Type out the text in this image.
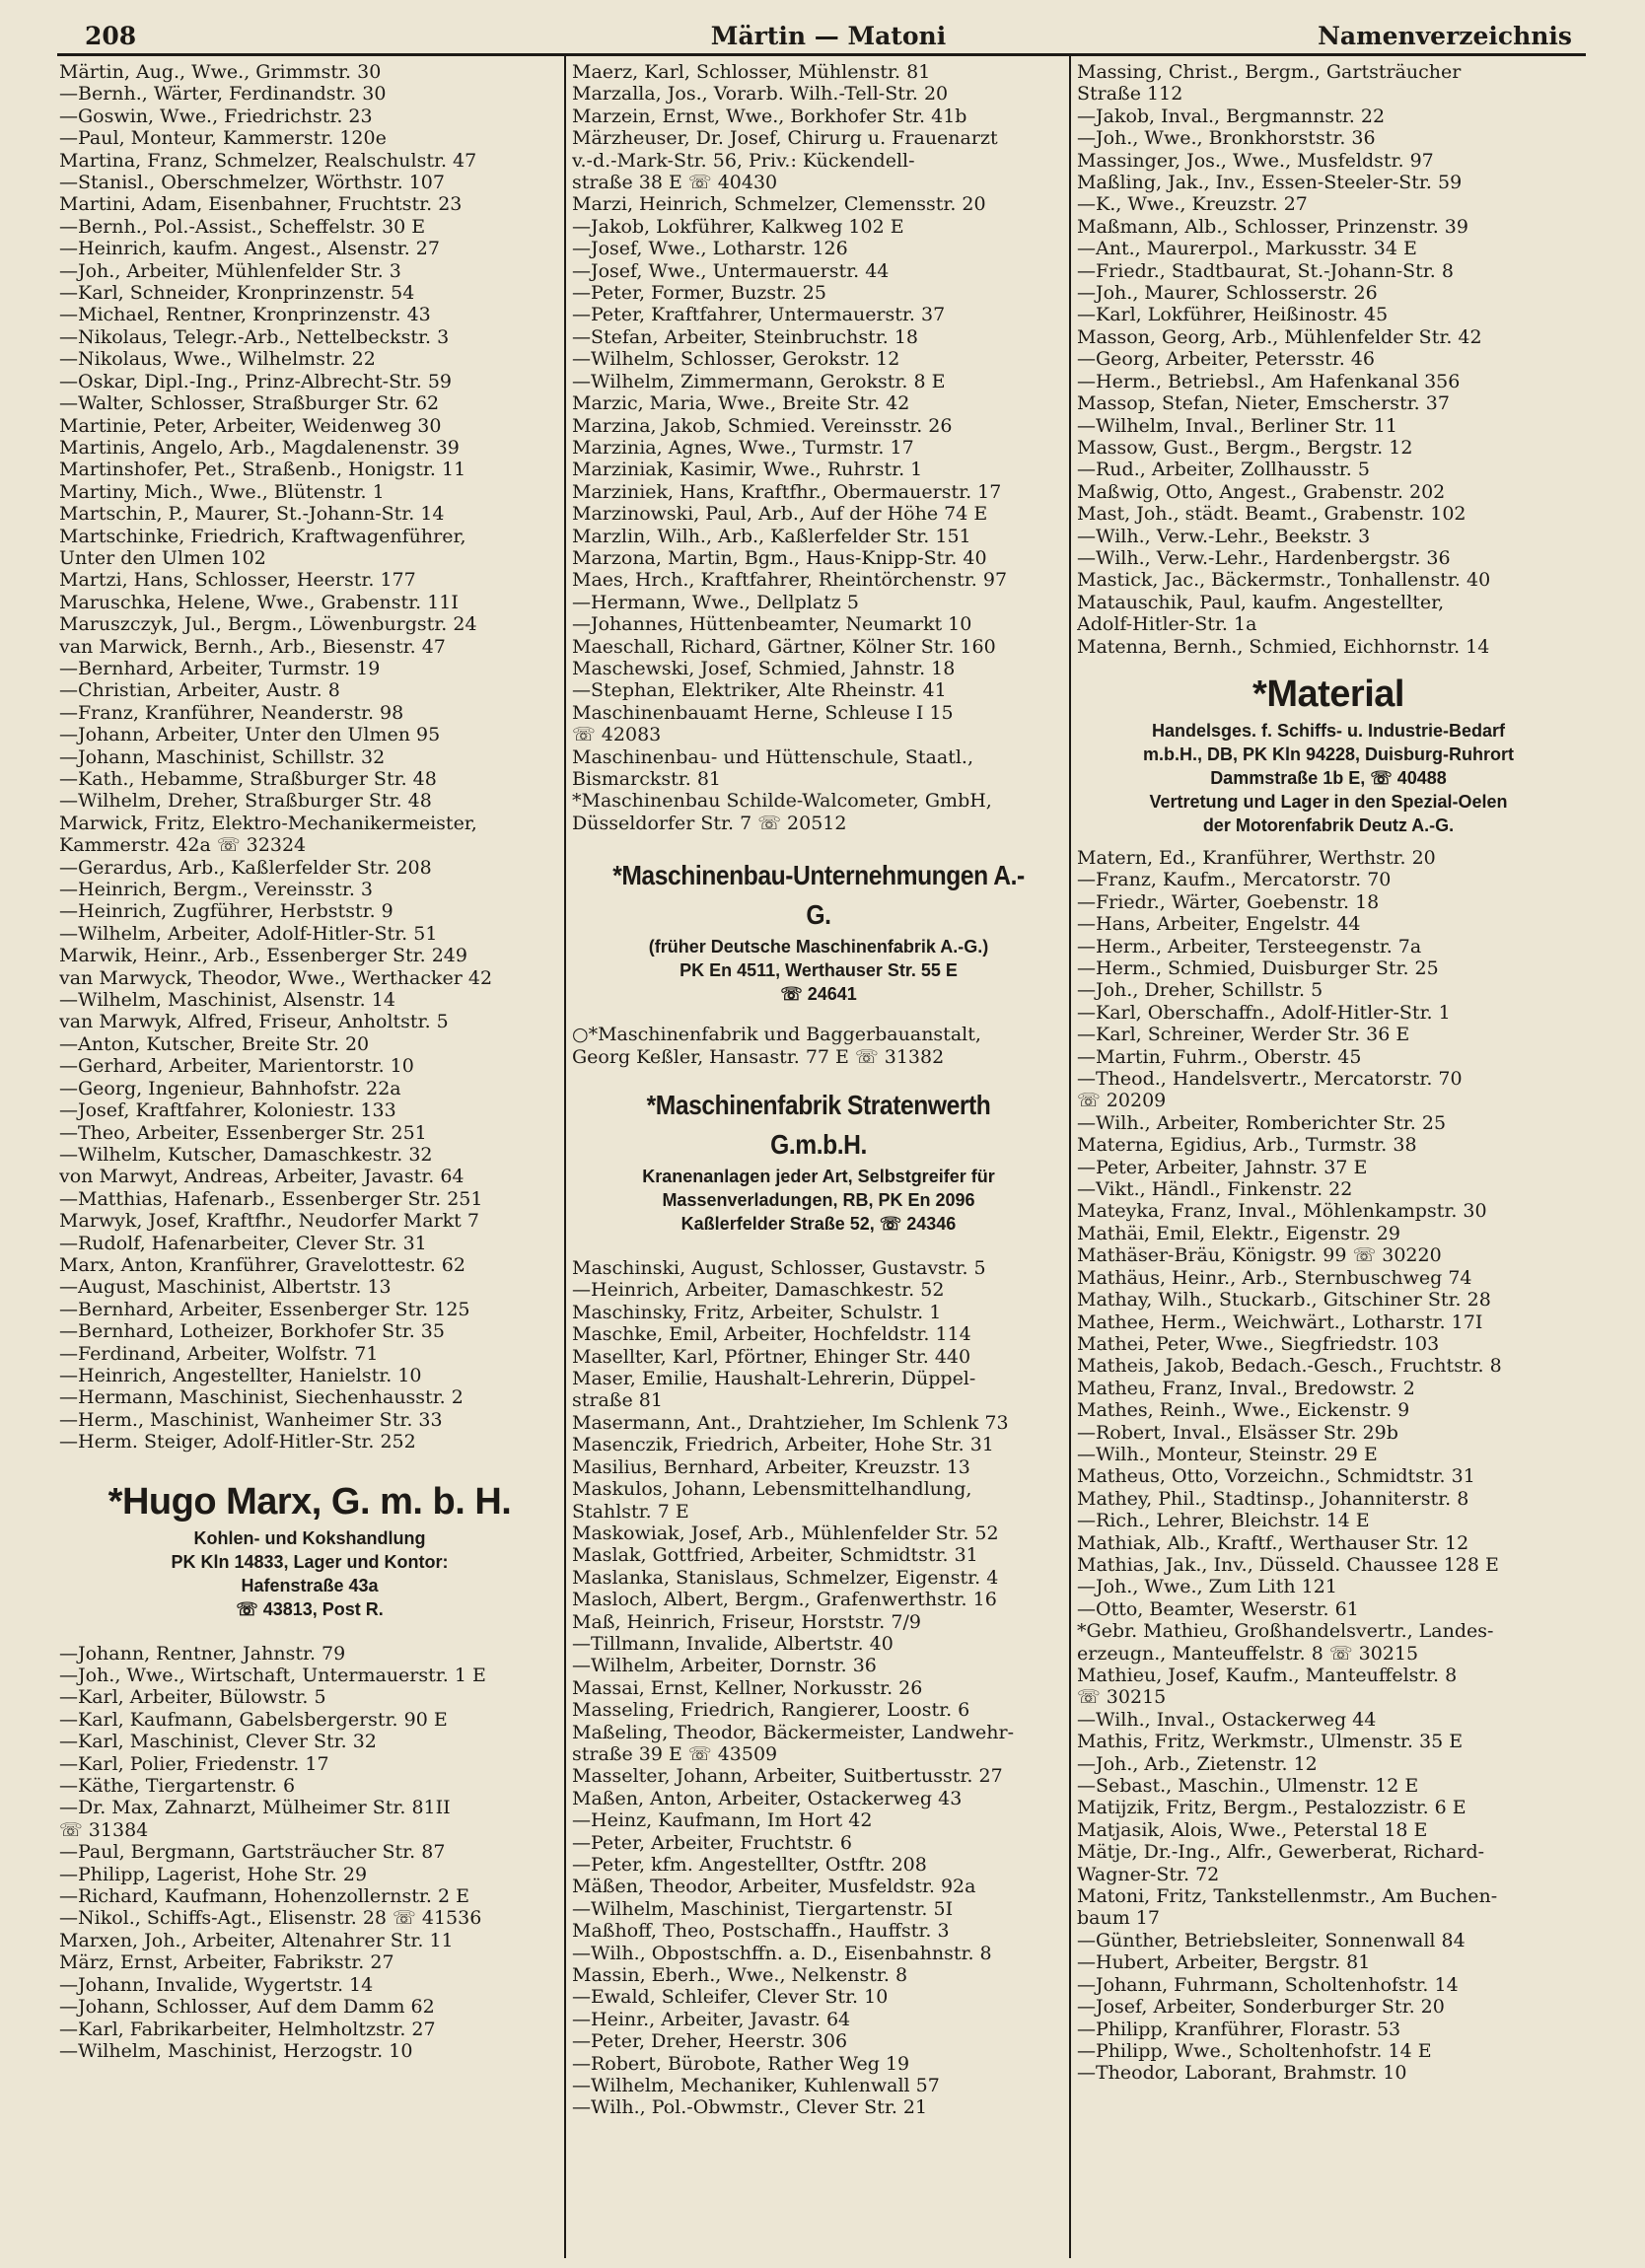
208	Märtin — Matoni	Namenverzeichnis
Märtin, Aug., Wwe., Grimmstr. 30
—Bernh., Wärter, Ferdinandstr. 30
—Goswin, Wwe., Friedrichstr. 23
—Paul, Monteur, Kammerstr. 120e
Martina, Franz, Schmelzer, Realschulstr. 47
—Stanisl., Oberschmelzer, Wörthstr. 107
Martini, Adam, Eisenbahner, Fruchtstr. 23
—Bernh., Pol.-Assist., Scheffelstr. 30 E
—Heinrich, kaufm. Angest., Alsenstr. 27
—Joh., Arbeiter, Mühlenfelder Str. 3
—Karl, Schneider, Kronprinzenstr. 54
—Michael, Rentner, Kronprinzenstr. 43
—Nikolaus, Telegr.-Arb., Nettelbeckstr. 3
—Nikolaus, Wwe., Wilhelmstr. 22
—Oskar, Dipl.-Ing., Prinz-Albrecht-Str. 59
—Walter, Schlosser, Straßburger Str. 62
Martinie, Peter, Arbeiter, Weidenweg 30
Martinis, Angelo, Arb., Magdalenenstr. 39
Martinshofer, Pet., Straßenb., Honigstr. 11
Martiny, Mich., Wwe., Blütenstr. 1
Martschin, P., Maurer, St.-Johann-Str. 14
Martschinke, Friedrich, Kraftwagenführer,
Unter den Ulmen 102
Martzi, Hans, Schlosser, Heerstr. 177
Maruschka, Helene, Wwe., Grabenstr. 11I
Maruszczyk, Jul., Bergm., Löwenburgstr. 24
van Marwick, Bernh., Arb., Biesenstr. 47
—Bernhard, Arbeiter, Turmstr. 19
—Christian, Arbeiter, Austr. 8
—Franz, Kranführer, Neanderstr. 98
—Johann, Arbeiter, Unter den Ulmen 95
—Johann, Maschinist, Schillstr. 32
—Kath., Hebamme, Straßburger Str. 48
—Wilhelm, Dreher, Straßburger Str. 48
Marwick, Fritz, Elektro-Mechanikermeister,
Kammerstr. 42a ☏ 32324
—Gerardus, Arb., Kaßlerfelder Str. 208
—Heinrich, Bergm., Vereinsstr. 3
—Heinrich, Zugführer, Herbststr. 9
—Wilhelm, Arbeiter, Adolf-Hitler-Str. 51
Marwik, Heinr., Arb., Essenberger Str. 249
van Marwyck, Theodor, Wwe., Werthacker 42
—Wilhelm, Maschinist, Alsenstr. 14
van Marwyk, Alfred, Friseur, Anholtstr. 5
—Anton, Kutscher, Breite Str. 20
—Gerhard, Arbeiter, Marientorstr. 10
—Georg, Ingenieur, Bahnhofstr. 22a
—Josef, Kraftfahrer, Koloniestr. 133
—Theo, Arbeiter, Essenberger Str. 251
—Wilhelm, Kutscher, Damaschkestr. 32
von Marwyt, Andreas, Arbeiter, Javastr. 64
—Matthias, Hafenarb., Essenberger Str. 251
Marwyk, Josef, Kraftfhr., Neudorfer Markt 7
—Rudolf, Hafenarbeiter, Clever Str. 31
Marx, Anton, Kranführer, Gravelottestr. 62
—August, Maschinist, Albertstr. 13
—Bernhard, Arbeiter, Essenberger Str. 125
—Bernhard, Lotheizer, Borkhofer Str. 35
—Ferdinand, Arbeiter, Wolfstr. 71
—Heinrich, Angestellter, Hanielstr. 10
—Hermann, Maschinist, Siechenhausstr. 2
—Herm., Maschinist, Wanheimer Str. 33
—Herm. Steiger, Adolf-Hitler-Str. 252
*Hugo Marx, G. m. b. H.
Kohlen- und Kokshandlung
PK Kln 14833, Lager und Kontor:
Hafenstraße 43a
☏ 43813, Post R.
—Johann, Rentner, Jahnstr. 79
—Joh., Wwe., Wirtschaft, Untermauerstr. 1 E
—Karl, Arbeiter, Bülowstr. 5
—Karl, Kaufmann, Gabelsbergerstr. 90 E
—Karl, Maschinist, Clever Str. 32
—Karl, Polier, Friedenstr. 17
—Käthe, Tiergartenstr. 6
—Dr. Max, Zahnarzt, Mülheimer Str. 81II
☏ 31384
—Paul, Bergmann, Gartsträucher Str. 87
—Philipp, Lagerist, Hohe Str. 29
—Richard, Kaufmann, Hohenzollernstr. 2 E
—Nikol., Schiffs-Agt., Elisenstr. 28 ☏ 41536
Marxen, Joh., Arbeiter, Altenahrer Str. 11
März, Ernst, Arbeiter, Fabrikstr. 27
—Johann, Invalide, Wygertstr. 14
—Johann, Schlosser, Auf dem Damm 62
—Karl, Fabrikarbeiter, Helmholtzstr. 27
—Wilhelm, Maschinist, Herzogstr. 10
Maerz, Karl, Schlosser, Mühlenstr. 81
Marzalla, Jos., Vorarb. Wilh.-Tell-Str. 20
Marzein, Ernst, Wwe., Borkhofer Str. 41b
Märzheuser, Dr. Josef, Chirurg u. Frauenarzt
v.-d.-Mark-Str. 56, Priv.: Kückendell-
straße 38 E ☏ 40430
Marzi, Heinrich, Schmelzer, Clemensstr. 20
—Jakob, Lokführer, Kalkweg 102 E
—Josef, Wwe., Lotharstr. 126
—Josef, Wwe., Untermauerstr. 44
—Peter, Former, Buzstr. 25
—Peter, Kraftfahrer, Untermauerstr. 37
—Stefan, Arbeiter, Steinbruchstr. 18
—Wilhelm, Schlosser, Gerokstr. 12
—Wilhelm, Zimmermann, Gerokstr. 8 E
Marzic, Maria, Wwe., Breite Str. 42
Marzina, Jakob, Schmied. Vereinsstr. 26
Marzinia, Agnes, Wwe., Turmstr. 17
Marziniak, Kasimir, Wwe., Ruhrstr. 1
Marziniek, Hans, Kraftfhr., Obermauerstr. 17
Marzinowski, Paul, Arb., Auf der Höhe 74 E
Marzlin, Wilh., Arb., Kaßlerfelder Str. 151
Marzona, Martin, Bgm., Haus-Knipp-Str. 40
Maes, Hrch., Kraftfahrer, Rheintörchenstr. 97
—Hermann, Wwe., Dellplatz 5
—Johannes, Hüttenbeamter, Neumarkt 10
Maeschall, Richard, Gärtner, Kölner Str. 160
Maschewski, Josef, Schmied, Jahnstr. 18
—Stephan, Elektriker, Alte Rheinstr. 41
Maschinenbauamt Herne, Schleuse I 15
☏ 42083
Maschinenbau- und Hüttenschule, Staatl.,
Bismarckstr. 81
*Maschinenbau Schilde-Walcometer, GmbH,
Düsseldorfer Str. 7 ☏ 20512
*Maschinenbau-Unternehmungen A.-G.
(früher Deutsche Maschinenfabrik A.-G.)
PK En 4511, Werthauser Str. 55 E
☏ 24641
○*Maschinenfabrik und Baggerbauanstalt,
Georg Keßler, Hansastr. 77 E ☏ 31382
*Maschinenfabrik Stratenwerth G.m.b.H.
Kranenanlagen jeder Art, Selbstgreifer für
Massenverladungen, RB, PK En 2096
Kaßlerfelder Straße 52, ☏ 24346
Maschinski, August, Schlosser, Gustavstr. 5
—Heinrich, Arbeiter, Damaschkestr. 52
Maschinsky, Fritz, Arbeiter, Schulstr. 1
Maschke, Emil, Arbeiter, Hochfeldstr. 114
Masellter, Karl, Pförtner, Ehinger Str. 440
Maser, Emilie, Haushalt-Lehrerin, Düppel-
straße 81
Masermann, Ant., Drahtzieher, Im Schlenk 73
Masenczik, Friedrich, Arbeiter, Hohe Str. 31
Masilius, Bernhard, Arbeiter, Kreuzstr. 13
Maskulos, Johann, Lebensmittelhandlung,
Stahlstr. 7 E
Maskowiak, Josef, Arb., Mühlenfelder Str. 52
Maslak, Gottfried, Arbeiter, Schmidtstr. 31
Maslanka, Stanislaus, Schmelzer, Eigenstr. 4
Masloch, Albert, Bergm., Grafenwerthstr. 16
Maß, Heinrich, Friseur, Horststr. 7/9
—Tillmann, Invalide, Albertstr. 40
—Wilhelm, Arbeiter, Dornstr. 36
Massai, Ernst, Kellner, Norkusstr. 26
Masseling, Friedrich, Rangierer, Loostr. 6
Maßeling, Theodor, Bäckermeister, Landwehr-
straße 39 E ☏ 43509
Masselter, Johann, Arbeiter, Suitbertusstr. 27
Maßen, Anton, Arbeiter, Ostackerweg 43
—Heinz, Kaufmann, Im Hort 42
—Peter, Arbeiter, Fruchtstr. 6
—Peter, kfm. Angestellter, Ostftr. 208
Mäßen, Theodor, Arbeiter, Musfeldstr. 92a
—Wilhelm, Maschinist, Tiergartenstr. 5I
Maßhoff, Theo, Postschaffn., Hauffstr. 3
—Wilh., Obpostschffn. a. D., Eisenbahnstr. 8
Massin, Eberh., Wwe., Nelkenstr. 8
—Ewald, Schleifer, Clever Str. 10
—Heinr., Arbeiter, Javastr. 64
—Peter, Dreher, Heerstr. 306
—Robert, Bürobote, Rather Weg 19
—Wilhelm, Mechaniker, Kuhlenwall 57
—Wilh., Pol.-Obwmstr., Clever Str. 21
Massing, Christ., Bergm., Gartsträucher
Straße 112
—Jakob, Inval., Bergmannstr. 22
—Joh., Wwe., Bronkhorststr. 36
Massinger, Jos., Wwe., Musfeldstr. 97
Maßling, Jak., Inv., Essen-Steeler-Str. 59
—K., Wwe., Kreuzstr. 27
Maßmann, Alb., Schlosser, Prinzenstr. 39
—Ant., Maurerpol., Markusstr. 34 E
—Friedr., Stadtbaurat, St.-Johann-Str. 8
—Joh., Maurer, Schlosserstr. 26
—Karl, Lokführer, Heißinostr. 45
Masson, Georg, Arb., Mühlenfelder Str. 42
—Georg, Arbeiter, Petersstr. 46
—Herm., Betriebsl., Am Hafenkanal 356
Massop, Stefan, Nieter, Emscherstr. 37
—Wilhelm, Inval., Berliner Str. 11
Massow, Gust., Bergm., Bergstr. 12
—Rud., Arbeiter, Zollhausstr. 5
Maßwig, Otto, Angest., Grabenstr. 202
Mast, Joh., städt. Beamt., Grabenstr. 102
—Wilh., Verw.-Lehr., Beekstr. 3
—Wilh., Verw.-Lehr., Hardenbergstr. 36
Mastick, Jac., Bäckermstr., Tonhallenstr. 40
Matauschik, Paul, kaufm. Angestellter,
Adolf-Hitler-Str. 1a
Matenna, Bernh., Schmied, Eichhornstr. 14
*Material
Handelsges. f. Schiffs- u. Industrie-Bedarf
m.b.H., DB, PK Kln 94228, Duisburg-Ruhrort
Dammstraße 1b E, ☏ 40488
Vertretung und Lager in den Spezial-Oelen
der Motorenfabrik Deutz A.-G.
Matern, Ed., Kranführer, Werthstr. 20
—Franz, Kaufm., Mercatorstr. 70
—Friedr., Wärter, Goebenstr. 18
—Hans, Arbeiter, Engelstr. 44
—Herm., Arbeiter, Tersteegenstr. 7a
—Herm., Schmied, Duisburger Str. 25
—Joh., Dreher, Schillstr. 5
—Karl, Oberschaffn., Adolf-Hitler-Str. 1
—Karl, Schreiner, Werder Str. 36 E
—Martin, Fuhrm., Oberstr. 45
—Theod., Handelsvertr., Mercatorstr. 70
☏ 20209
—Wilh., Arbeiter, Romberichter Str. 25
Materna, Egidius, Arb., Turmstr. 38
—Peter, Arbeiter, Jahnstr. 37 E
—Vikt., Händl., Finkenstr. 22
Mateyka, Franz, Inval., Möhlenkampstr. 30
Mathäi, Emil, Elektr., Eigenstr. 29
Mathäser-Bräu, Königstr. 99 ☏ 30220
Mathäus, Heinr., Arb., Sternbuschweg 74
Mathay, Wilh., Stuckarb., Gitschiner Str. 28
Mathee, Herm., Weichwärt., Lotharstr. 17I
Mathei, Peter, Wwe., Siegfriedstr. 103
Matheis, Jakob, Bedach.-Gesch., Fruchtstr. 8
Matheu, Franz, Inval., Bredowstr. 2
Mathes, Reinh., Wwe., Eickenstr. 9
—Robert, Inval., Elsässer Str. 29b
—Wilh., Monteur, Steinstr. 29 E
Matheus, Otto, Vorzeichn., Schmidtstr. 31
Mathey, Phil., Stadtinsp., Johanniterstr. 8
—Rich., Lehrer, Bleichstr. 14 E
Mathiak, Alb., Kraftf., Werthauser Str. 12
Mathias, Jak., Inv., Düsseld. Chaussee 128 E
—Joh., Wwe., Zum Lith 121
—Otto, Beamter, Weserstr. 61
*Gebr. Mathieu, Großhandelsvertr., Landes-
erzeugn., Manteuffelstr. 8 ☏ 30215
Mathieu, Josef, Kaufm., Manteuffelstr. 8
☏ 30215
—Wilh., Inval., Ostackerweg 44
Mathis, Fritz, Werkmstr., Ulmenstr. 35 E
—Joh., Arb., Zietenstr. 12
—Sebast., Maschin., Ulmenstr. 12 E
Matijzik, Fritz, Bergm., Pestalozzistr. 6 E
Matjasik, Alois, Wwe., Peterstal 18 E
Mätje, Dr.-Ing., Alfr., Gewerberat, Richard-
Wagner-Str. 72
Matoni, Fritz, Tankstellenmstr., Am Buchen-
baum 17
—Günther, Betriebsleiter, Sonnenwall 84
—Hubert, Arbeiter, Bergstr. 81
—Johann, Fuhrmann, Scholtenhofstr. 14
—Josef, Arbeiter, Sonderburger Str. 20
—Philipp, Kranführer, Florastr. 53
—Philipp, Wwe., Scholtenhofstr. 14 E
—Theodor, Laborant, Brahmstr. 10
